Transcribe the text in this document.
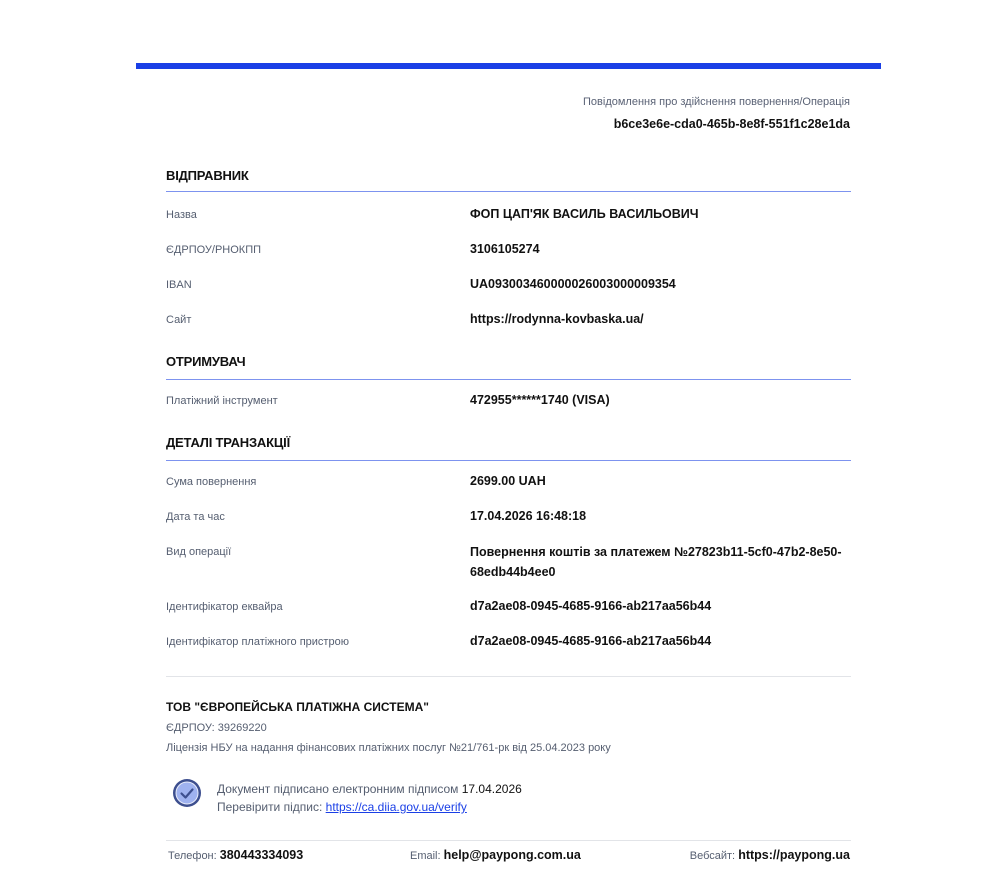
Повідомлення про здійснення повернення/Операція
b6ce3e6e-cda0-465b-8e8f-551f1c28e1da
ВІДПРАВНИК
Назва	ФОП ЦАП'ЯК ВАСИЛЬ ВАСИЛЬОВИЧ
ЄДРПОУ/РНОКПП	3106105274
IBAN	UA093003460000026003000009354
Сайт	https://rodynna-kovbaska.ua/
ОТРИМУВАЧ
Платіжний інструмент	472955******1740 (VISA)
ДЕТАЛІ ТРАНЗАКЦІЇ
Сума повернення	2699.00 UAH
Дата та час	17.04.2026 16:48:18
Вид операції	Повернення коштів за платежем №27823b11-5cf0-47b2-8e50-68edb44b4ee0
Ідентифікатор еквайра	d7a2ae08-0945-4685-9166-ab217aa56b44
Ідентифікатор платіжного пристрою	d7a2ae08-0945-4685-9166-ab217aa56b44
ТОВ "ЄВРОПЕЙСЬКА ПЛАТІЖНА СИСТЕМА"
ЄДРПОУ: 39269220
Ліцензія НБУ на надання фінансових платіжних послуг №21/761-рк від 25.04.2023 року
Документ підписано електронним підписом 17.04.2026
Перевірити підпис: https://ca.diia.gov.ua/verify
Телефон: 380443334093	Email: help@paypong.com.ua	Вебсайт: https://paypong.ua
